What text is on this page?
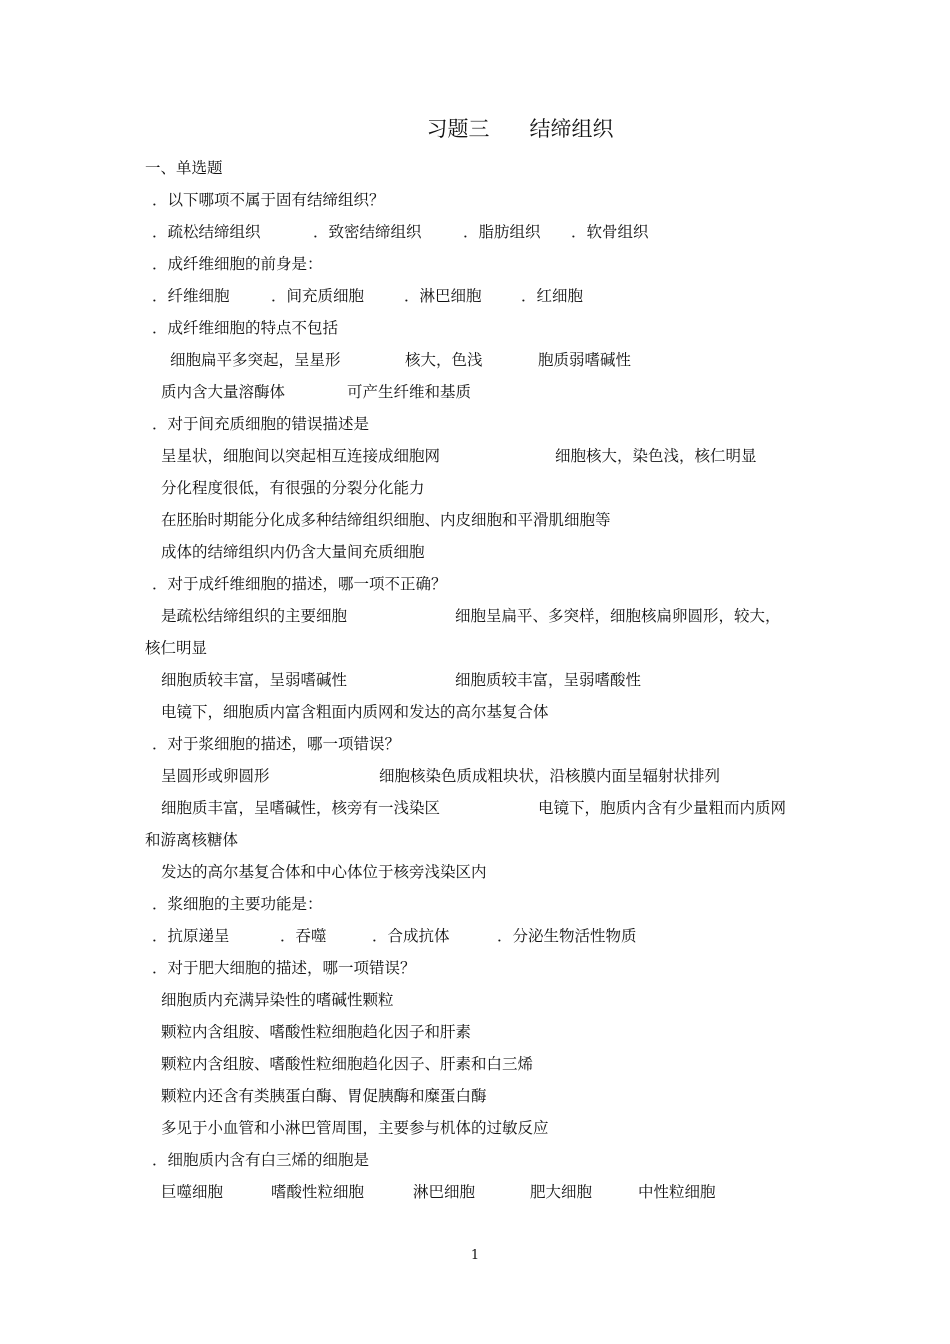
习题三      结缔组织
一、单选题
．以下哪项不属于固有结缔组织？
．疏松结缔组织	．致密结缔组织	．脂肪组织 ．软骨组织
．成纤维细胞的前身是：
．纤维细胞	．间充质细胞	．淋巴细胞	．红细胞
．成纤维细胞的特点不包括
细胞扁平多突起，呈星形	核大，色浅	胞质弱嗜碱性
质内含大量溶酶体	可产生纤维和基质
．对于间充质细胞的错误描述是
呈星状，细胞间以突起相互连接成细胞网	细胞核大，染色浅，核仁明显
分化程度很低，有很强的分裂分化能力
在胚胎时期能分化成多种结缔组织细胞、内皮细胞和平滑肌细胞等
成体的结缔组织内仍含大量间充质细胞
．对于成纤维细胞的描述，哪一项不正确？
是疏松结缔组织的主要细胞	细胞呈扁平、多突样，细胞核扁卵圆形，较大，
核仁明显
细胞质较丰富，呈弱嗜碱性	细胞质较丰富，呈弱嗜酸性
电镜下，细胞质内富含粗面内质网和发达的高尔基复合体
．对于浆细胞的描述，哪一项错误？
呈圆形或卵圆形	细胞核染色质成粗块状，沿核膜内面呈辐射状排列
细胞质丰富，呈嗜碱性，核旁有一浅染区	电镜下，胞质内含有少量粗而内质网
和游离核糖体
发达的高尔基复合体和中心体位于核旁浅染区内
．浆细胞的主要功能是：
．抗原递呈	．吞噬	．合成抗体	．分泌生物活性物质
．对于肥大细胞的描述，哪一项错误？
细胞质内充满异染性的嗜碱性颗粒
颗粒内含组胺、嗜酸性粒细胞趋化因子和肝素
颗粒内含组胺、嗜酸性粒细胞趋化因子、肝素和白三烯
颗粒内还含有类胰蛋白酶、胃促胰酶和糜蛋白酶
多见于小血管和小淋巴管周围，主要参与机体的过敏反应
．细胞质内含有白三烯的细胞是
巨噬细胞	嗜酸性粒细胞	淋巴细胞	肥大细胞	中性粒细胞
1
